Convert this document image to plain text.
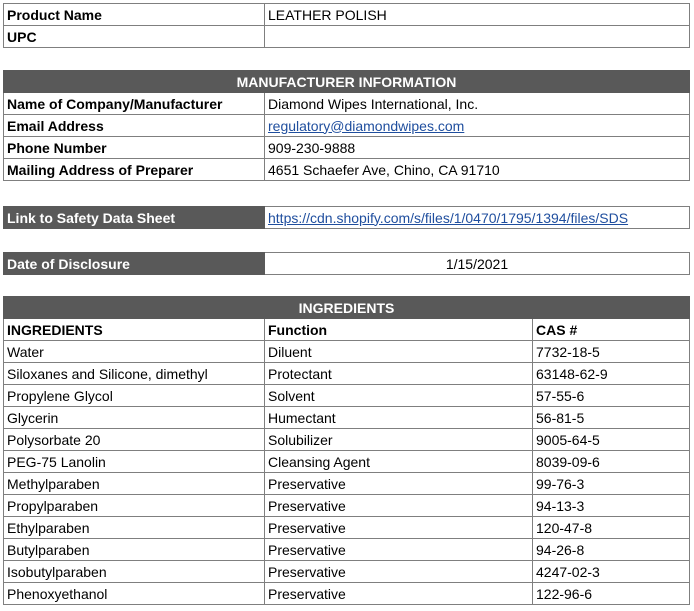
Product Name	LEATHER POLISH
UPC	
MANUFACTURER INFORMATION	
Name of Company/Manufacturer	Diamond Wipes International, Inc.
Email Address	regulatory@diamondwipes.com
Phone Number	909-230-9888
Mailing Address of Preparer	4651 Schaefer Ave, Chino, CA 91710
Link to Safety Data Sheet	https://cdn.shopify.com/s/files/1/0470/1795/1394/files/SDS
Date of Disclosure	1/15/2021
INGREDIENTS		
INGREDIENTS	Function	CAS #
Water	Diluent	7732-18-5
Siloxanes and Silicone, dimethyl	Protectant	63148-62-9
Propylene Glycol	Solvent	57-55-6
Glycerin	Humectant	56-81-5
Polysorbate 20	Solubilizer	9005-64-5
PEG-75 Lanolin	Cleansing Agent	8039-09-6
Methylparaben	Preservative	99-76-3
Propylparaben	Preservative	94-13-3
Ethylparaben	Preservative	120-47-8
Butylparaben	Preservative	94-26-8
Isobutylparaben	Preservative	4247-02-3
Phenoxyethanol	Preservative	122-96-6
